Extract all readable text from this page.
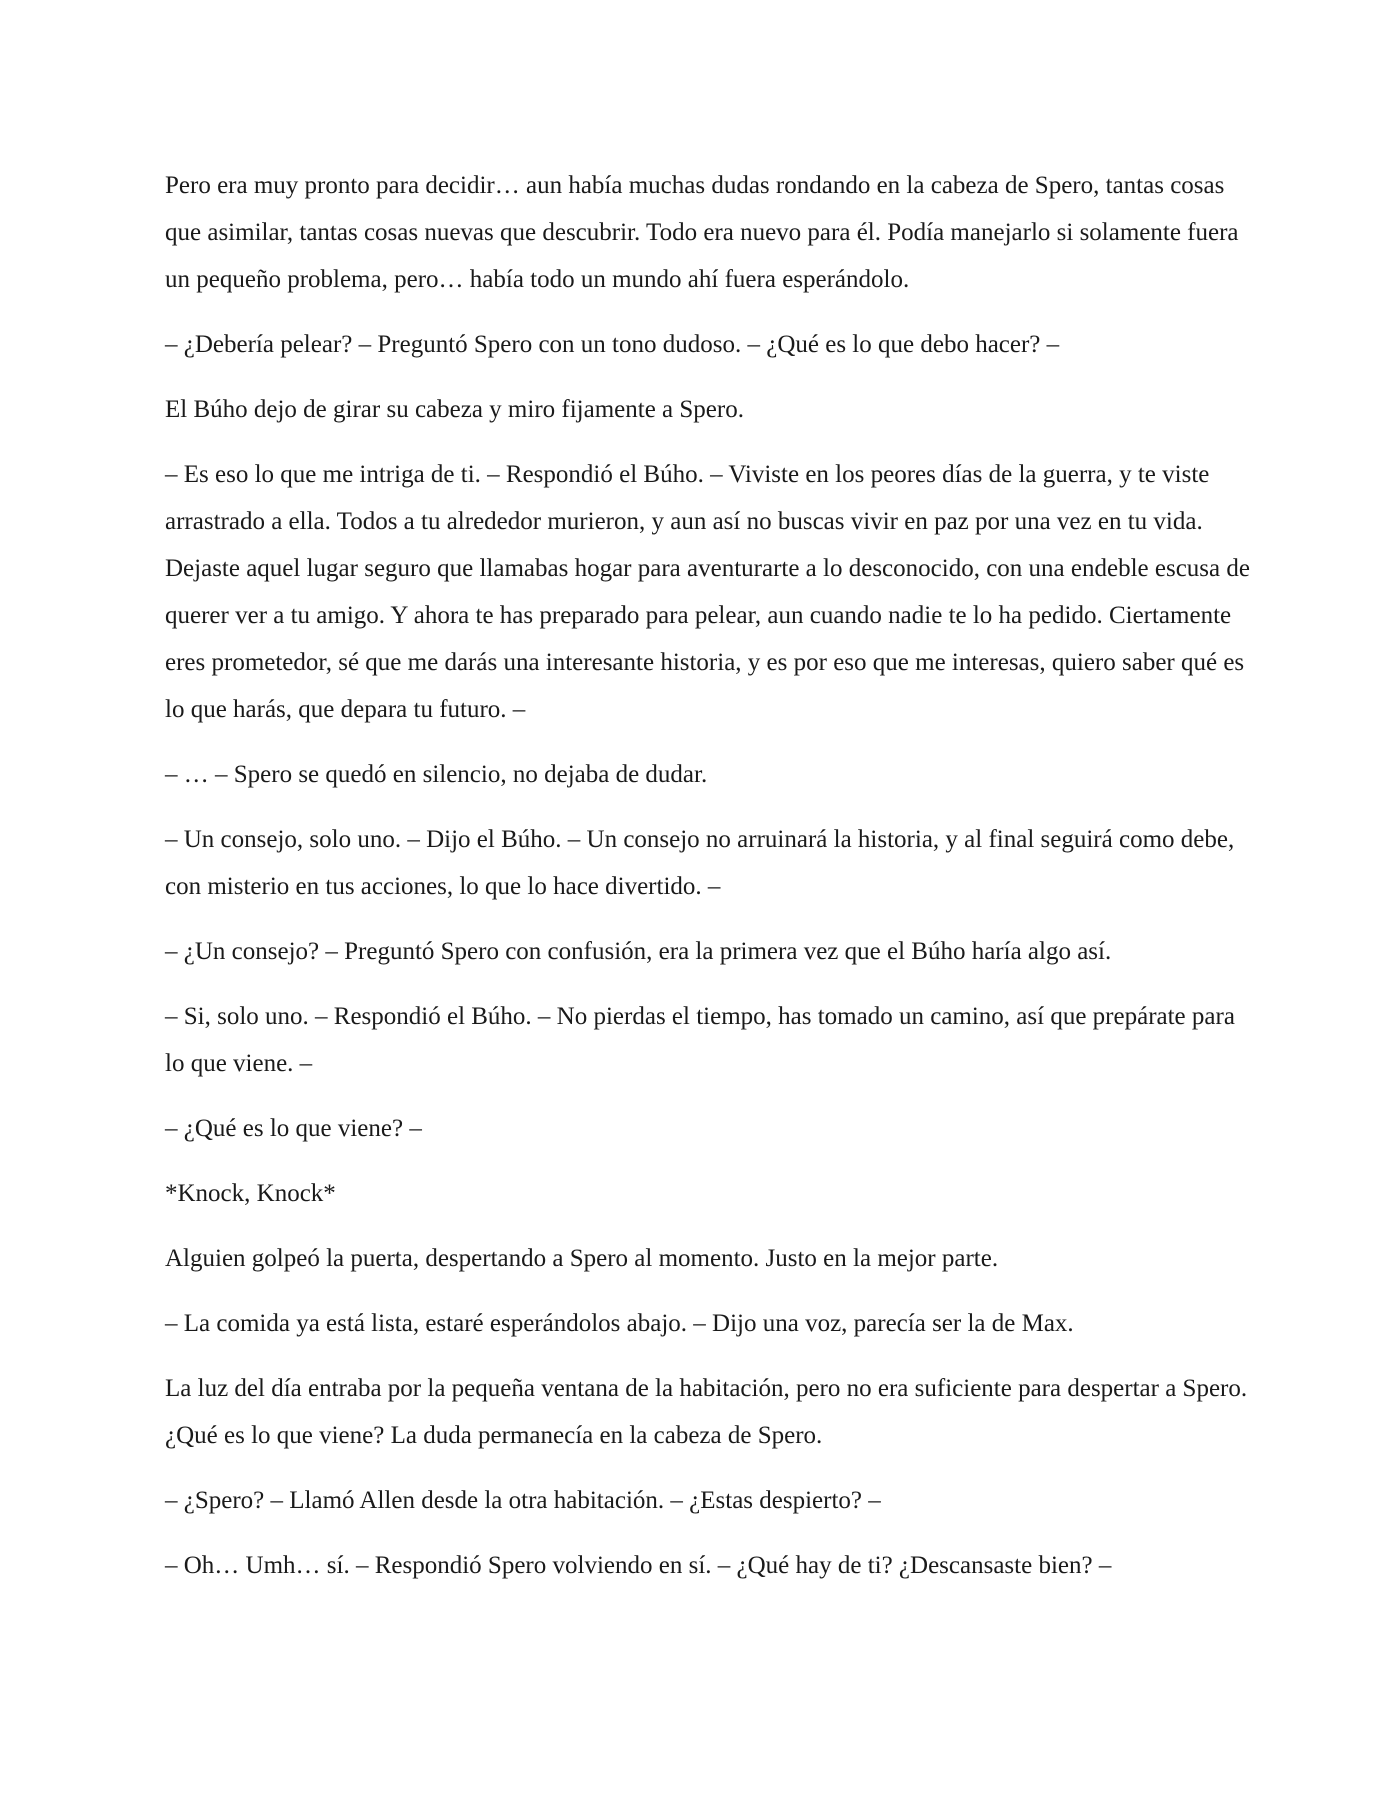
Pero era muy pronto para decidir… aun había muchas dudas rondando en la cabeza de Spero, tantas cosas que asimilar, tantas cosas nuevas que descubrir. Todo era nuevo para él. Podía manejarlo si solamente fuera un pequeño problema, pero… había todo un mundo ahí fuera esperándolo.

– ¿Debería pelear? – Preguntó Spero con un tono dudoso. – ¿Qué es lo que debo hacer? –

El Búho dejo de girar su cabeza y miro fijamente a Spero.

– Es eso lo que me intriga de ti. – Respondió el Búho. – Viviste en los peores días de la guerra, y te viste arrastrado a ella. Todos a tu alrededor murieron, y aun así no buscas vivir en paz por una vez en tu vida. Dejaste aquel lugar seguro que llamabas hogar para aventurarte a lo desconocido, con una endeble escusa de querer ver a tu amigo. Y ahora te has preparado para pelear, aun cuando nadie te lo ha pedido. Ciertamente eres prometedor, sé que me darás una interesante historia, y es por eso que me interesas, quiero saber qué es lo que harás, que depara tu futuro. –

– … – Spero se quedó en silencio, no dejaba de dudar.

– Un consejo, solo uno. – Dijo el Búho. – Un consejo no arruinará la historia, y al final seguirá como debe, con misterio en tus acciones, lo que lo hace divertido. –

– ¿Un consejo? – Preguntó Spero con confusión, era la primera vez que el Búho haría algo así.

– Si, solo uno. – Respondió el Búho. – No pierdas el tiempo, has tomado un camino, así que prepárate para lo que viene. –

– ¿Qué es lo que viene? –

*Knock, Knock*

Alguien golpeó la puerta, despertando a Spero al momento. Justo en la mejor parte.

– La comida ya está lista, estaré esperándolos abajo. – Dijo una voz, parecía ser la de Max.

La luz del día entraba por la pequeña ventana de la habitación, pero no era suficiente para despertar a Spero. ¿Qué es lo que viene? La duda permanecía en la cabeza de Spero.

– ¿Spero? – Llamó Allen desde la otra habitación. – ¿Estas despierto? –

– Oh… Umh… sí. – Respondió Spero volviendo en sí. – ¿Qué hay de ti? ¿Descansaste bien? –
